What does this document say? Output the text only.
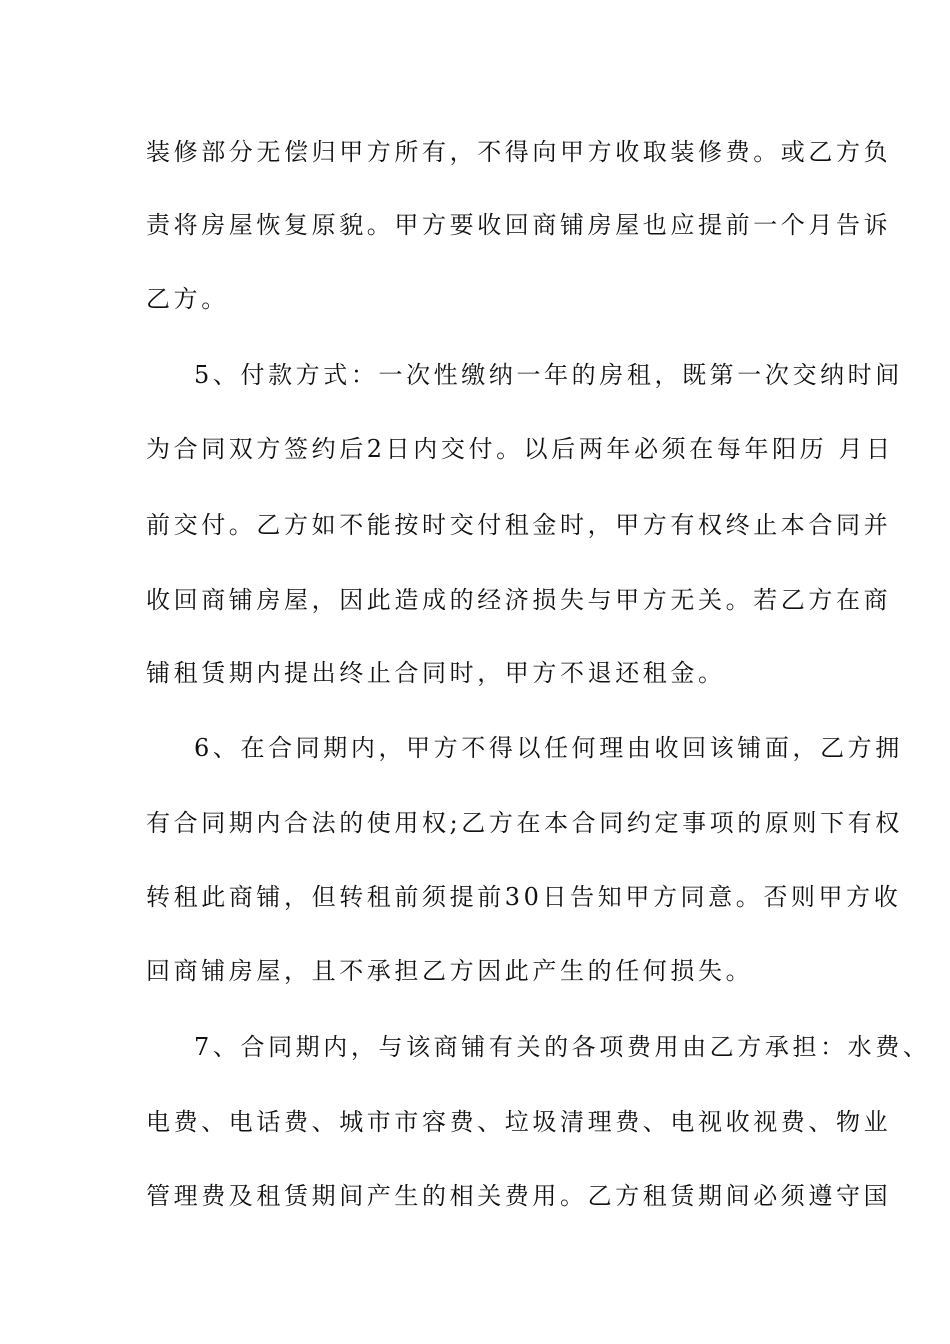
装修部分无偿归甲方所有，不得向甲方收取装修费。或乙方负
责将房屋恢复原貌。甲方要收回商铺房屋也应提前一个月告诉
乙方。
5、付款方式：一次性缴纳一年的房租，既第一次交纳时间
为合同双方签约后2日内交付。以后两年必须在每年阳历 月日
前交付。乙方如不能按时交付租金时，甲方有权终止本合同并
收回商铺房屋，因此造成的经济损失与甲方无关。若乙方在商
铺租赁期内提出终止合同时，甲方不退还租金。
6、在合同期内，甲方不得以任何理由收回该铺面，乙方拥
有合同期内合法的使用权;乙方在本合同约定事项的原则下有权
转租此商铺，但转租前须提前30日告知甲方同意。否则甲方收
回商铺房屋，且不承担乙方因此产生的任何损失。
7、合同期内，与该商铺有关的各项费用由乙方承担：水费、
电费、电话费、城市市容费、垃圾清理费、电视收视费、物业
管理费及租赁期间产生的相关费用。乙方租赁期间必须遵守国
